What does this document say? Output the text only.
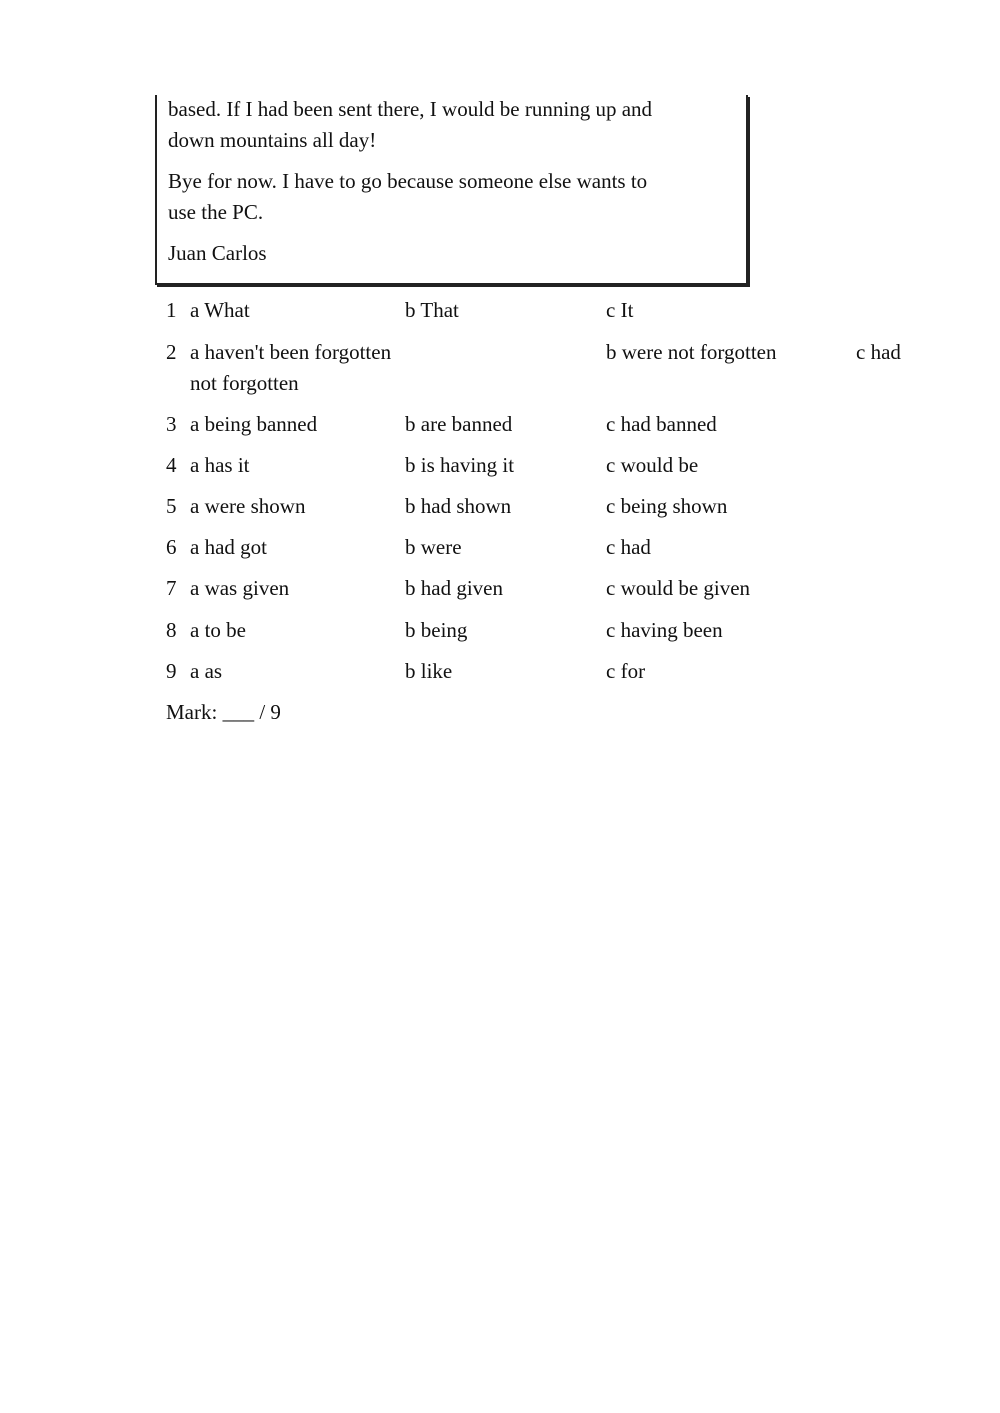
based. If I had been sent there, I would be running up and
down mountains all day!
Bye for now. I have to go because someone else wants to
use the PC.
Juan Carlos
1 a What	b That	c It
2 a haven't been forgotten	b were not forgotten	c had
not forgotten
3 a being banned	b are banned	c had banned
4 a has it	b is having it	c would be
5 a were shown	b had shown	c being shown
6 a had got	b were	c had
7 a was given	b had given	c would be given
8 a to be	b being	c having been
9 a as	b like	c for
Mark: ___ / 9
